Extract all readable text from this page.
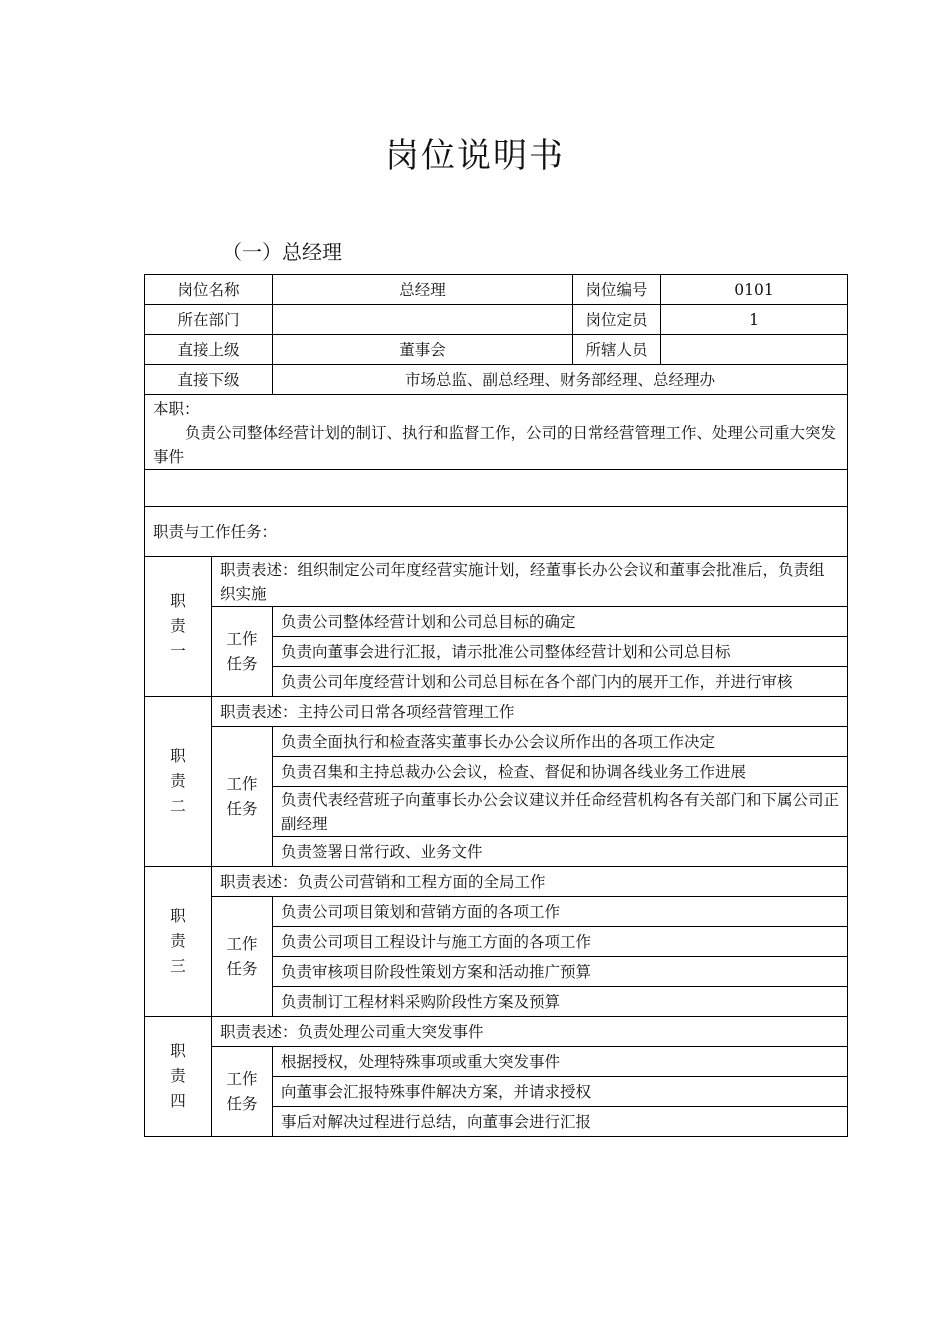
岗位说明书
（一）总经理
岗位名称		总经理	岗位编号	0101
所在部门			岗位定员	1
直接上级		董事会	所辖人员	
直接下级		市场总监、副总经理、财务部经理、总经理办		

本职：
负责公司整体经营计划的制订、执行和监督工作，公司的日常经营管理工作、处理公司重大突发事件				

职责与工作任务：				

职
责
一	职责表述：组织制定公司年度经营实施计划，经董事长办公会议和董事会批准后，负责组织实施			

	工作
任务	负责公司整体经营计划和公司总目标的确定		
		负责向董事会进行汇报，请示批准公司整体经营计划和公司总目标		
		负责公司年度经营计划和公司总目标在各个部门内的展开工作，并进行审核		

职
责
二	职责表述：主持公司日常各项经营管理工作			

	工作
任务	负责全面执行和检查落实董事长办公会议所作出的各项工作决定		
		负责召集和主持总裁办公会议，检查、督促和协调各线业务工作进展		
		负责代表经营班子向董事长办公会议建议并任命经营机构各有关部门和下属公司正副经理		
		负责签署日常行政、业务文件		

职
责
三	职责表述：负责公司营销和工程方面的全局工作			

	工作
任务	负责公司项目策划和营销方面的各项工作		
		负责公司项目工程设计与施工方面的各项工作		
		负责审核项目阶段性策划方案和活动推广预算		
		负责制订工程材料采购阶段性方案及预算		

职
责
四	职责表述：负责处理公司重大突发事件			

	工作
任务	根据授权，处理特殊事项或重大突发事件		
		向董事会汇报特殊事件解决方案，并请求授权		
		事后对解决过程进行总结，向董事会进行汇报		
